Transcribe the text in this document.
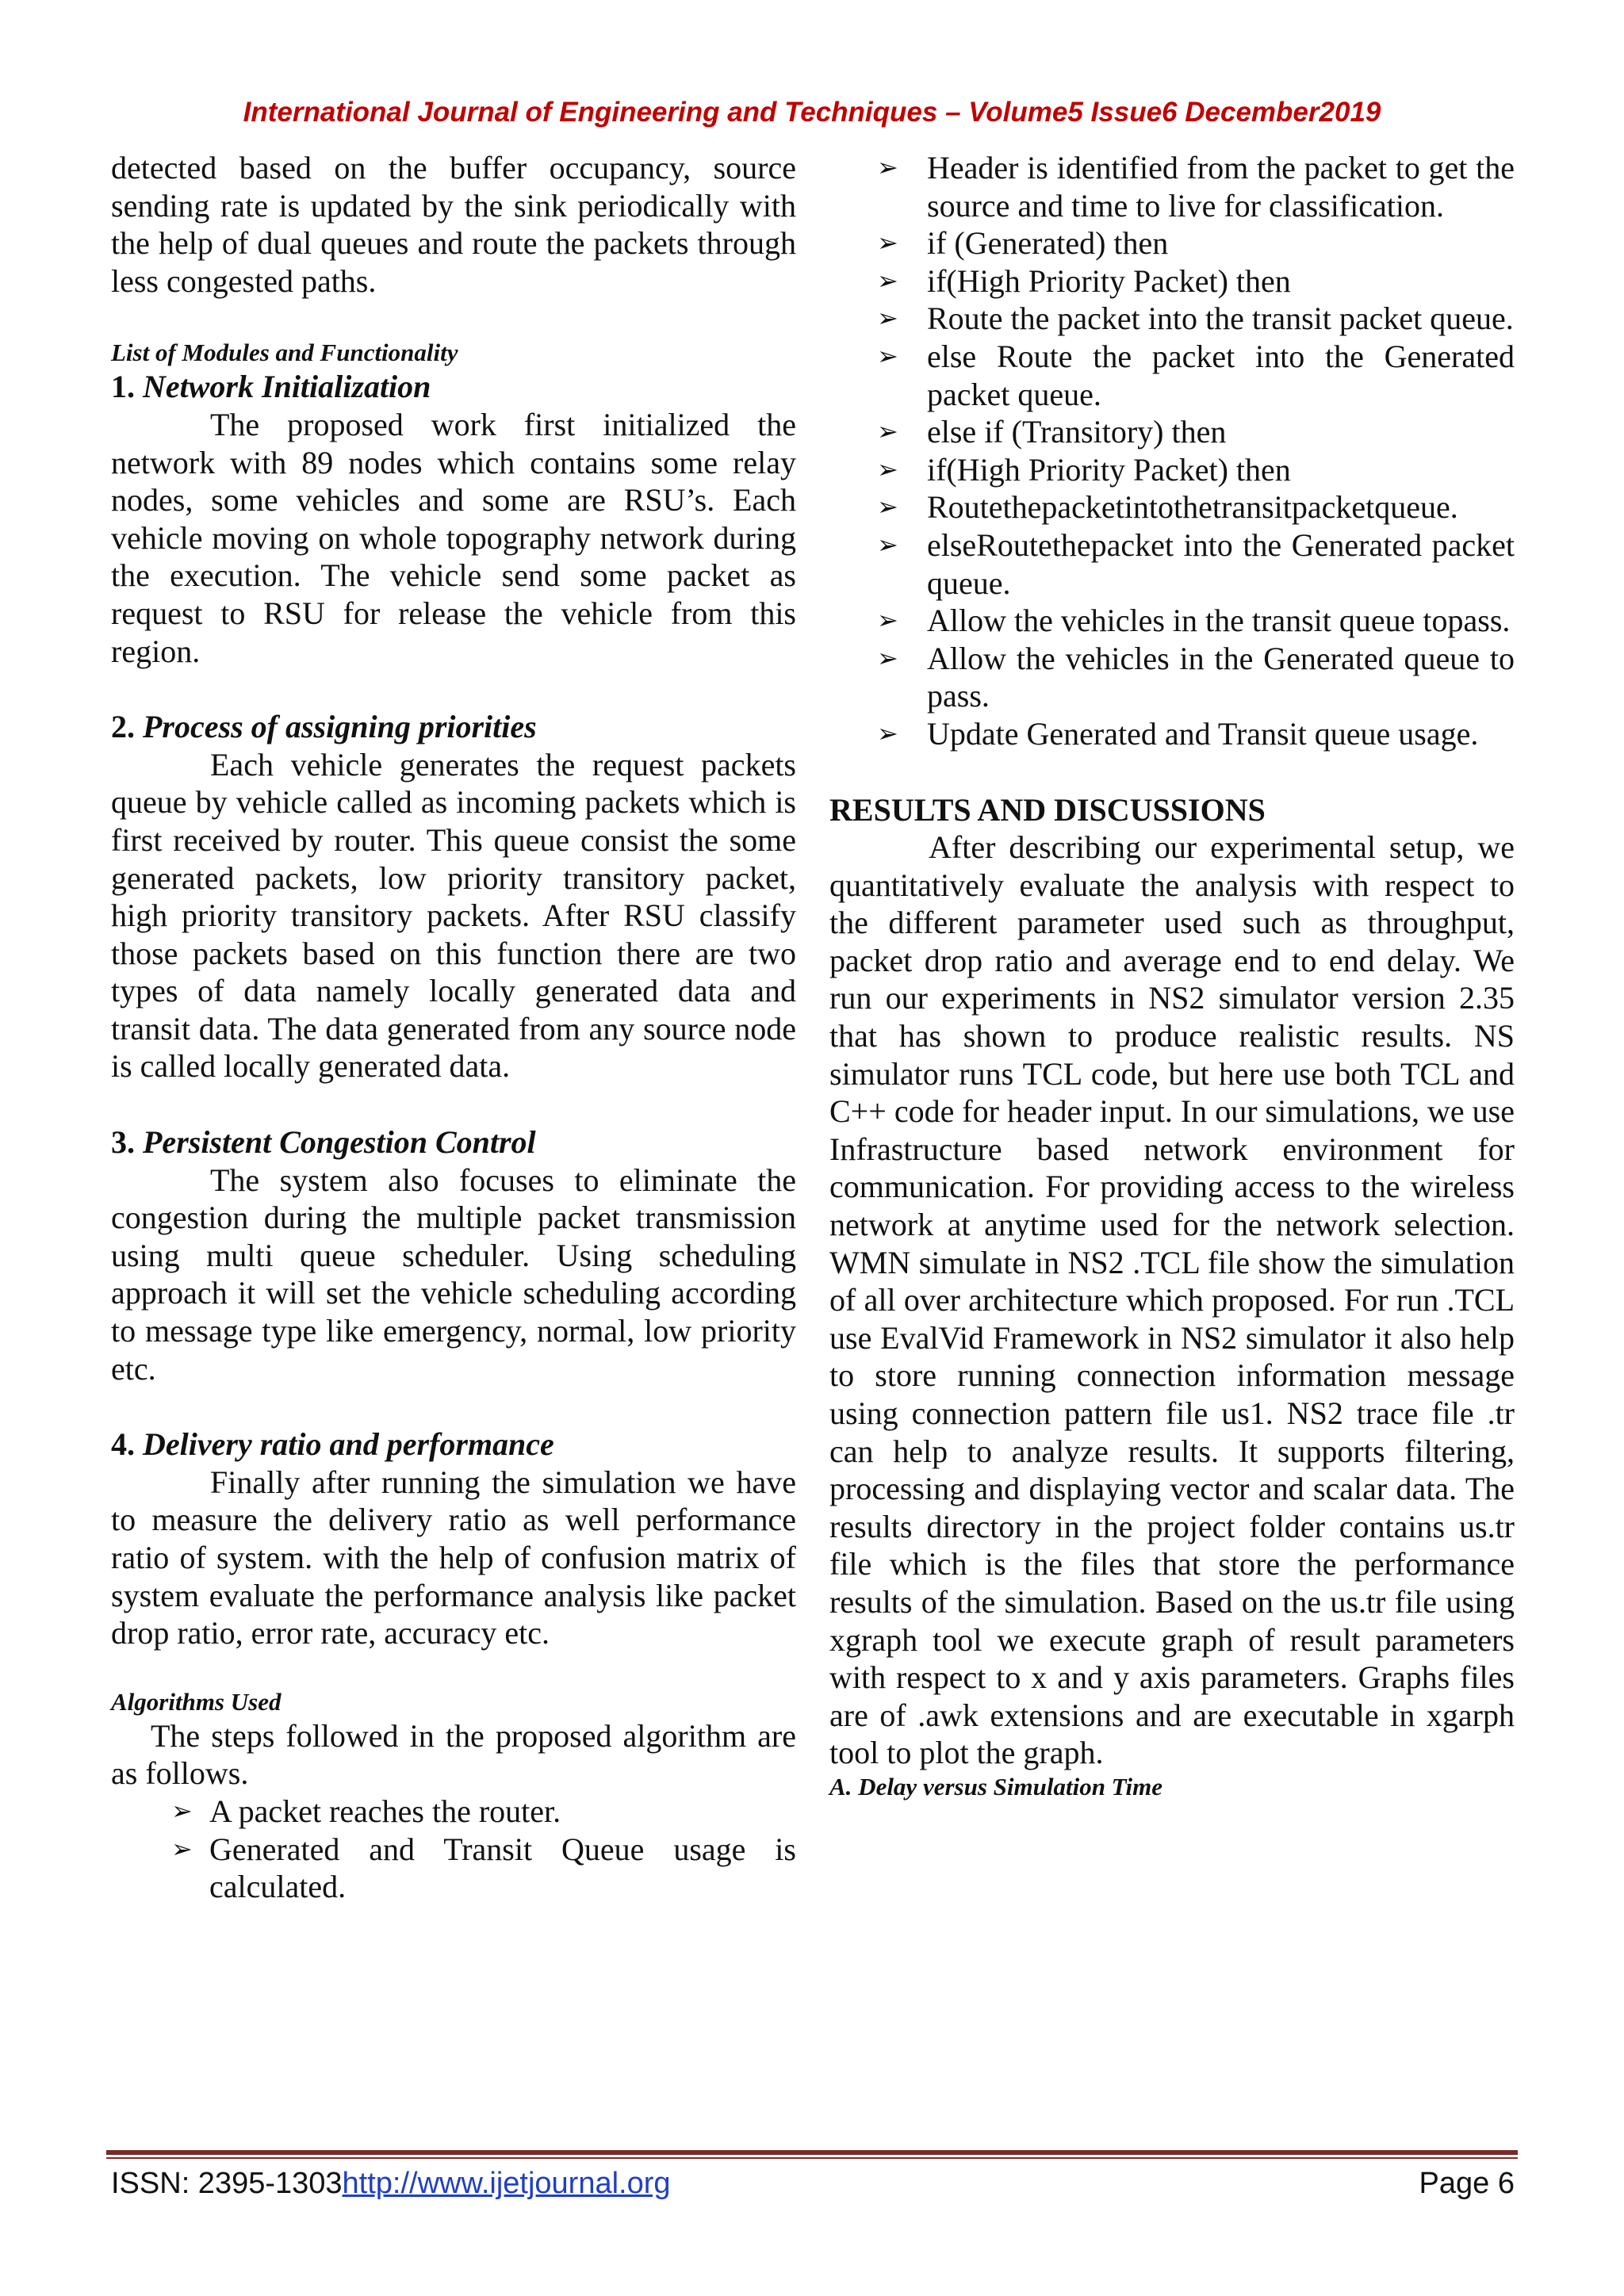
International Journal of Engineering and Techniques – Volume5 Issue6 December2019

detected based on the buffer occupancy, source sending rate is updated by the sink periodically with the help of dual queues and route the packets through less congested paths.

List of Modules and Functionality

1. Network Initialization

The proposed work first initialized the network with 89 nodes which contains some relay nodes, some vehicles and some are RSU’s. Each vehicle moving on whole topography network during the execution. The vehicle send some packet as request to RSU for release the vehicle from this region.

2. Process of assigning priorities

Each vehicle generates the request packets queue by vehicle called as incoming packets which is first received by router. This queue consist the some generated packets, low priority transitory packet, high priority transitory packets. After RSU classify those packets based on this function there are two types of data namely locally generated data and transit data. The data generated from any source node is called locally generated data.

3. Persistent Congestion Control

The system also focuses to eliminate the congestion during the multiple packet transmission using multi queue scheduler. Using scheduling approach it will set the vehicle scheduling according to message type like emergency, normal, low priority etc.

4. Delivery ratio and performance

Finally after running the simulation we have to measure the delivery ratio as well performance ratio of system. with the help of confusion matrix of system evaluate the performance analysis like packet drop ratio, error rate, accuracy etc.

Algorithms Used

The steps followed in the proposed algorithm are as follows.

➢ A packet reaches the router.
➢ Generated and Transit Queue usage is calculated.
➢ Header is identified from the packet to get the source and time to live for classification.
➢ if (Generated) then
➢ if(High Priority Packet) then
➢ Route the packet into the transit packet queue.
➢ else Route the packet into the Generated packet queue.
➢ else if (Transitory) then
➢ if(High Priority Packet) then
➢ Routethepacketintothetransitpacketqueue.
➢ elseRoutethepacket into the Generated packet queue.
➢ Allow the vehicles in the transit queue topass.
➢ Allow the vehicles in the Generated queue to pass.
➢ Update Generated and Transit queue usage.

RESULTS AND DISCUSSIONS

After describing our experimental setup, we quantitatively evaluate the analysis with respect to the different parameter used such as throughput, packet drop ratio and average end to end delay. We run our experiments in NS2 simulator version 2.35 that has shown to produce realistic results. NS simulator runs TCL code, but here use both TCL and C++ code for header input. In our simulations, we use Infrastructure based network environment for communication. For providing access to the wireless network at anytime used for the network selection. WMN simulate in NS2 .TCL file show the simulation of all over architecture which proposed. For run .TCL use EvalVid Framework in NS2 simulator it also help to store running connection information message using connection pattern file us1. NS2 trace file .tr can help to analyze results. It supports filtering, processing and displaying vector and scalar data. The results directory in the project folder contains us.tr file which is the files that store the performance results of the simulation. Based on the us.tr file using xgraph tool we execute graph of result parameters with respect to x and y axis parameters. Graphs files are of .awk extensions and are executable in xgarph tool to plot the graph.

A. Delay versus Simulation Time

ISSN: 2395-1303http://www.ijetjournal.org	Page 6
